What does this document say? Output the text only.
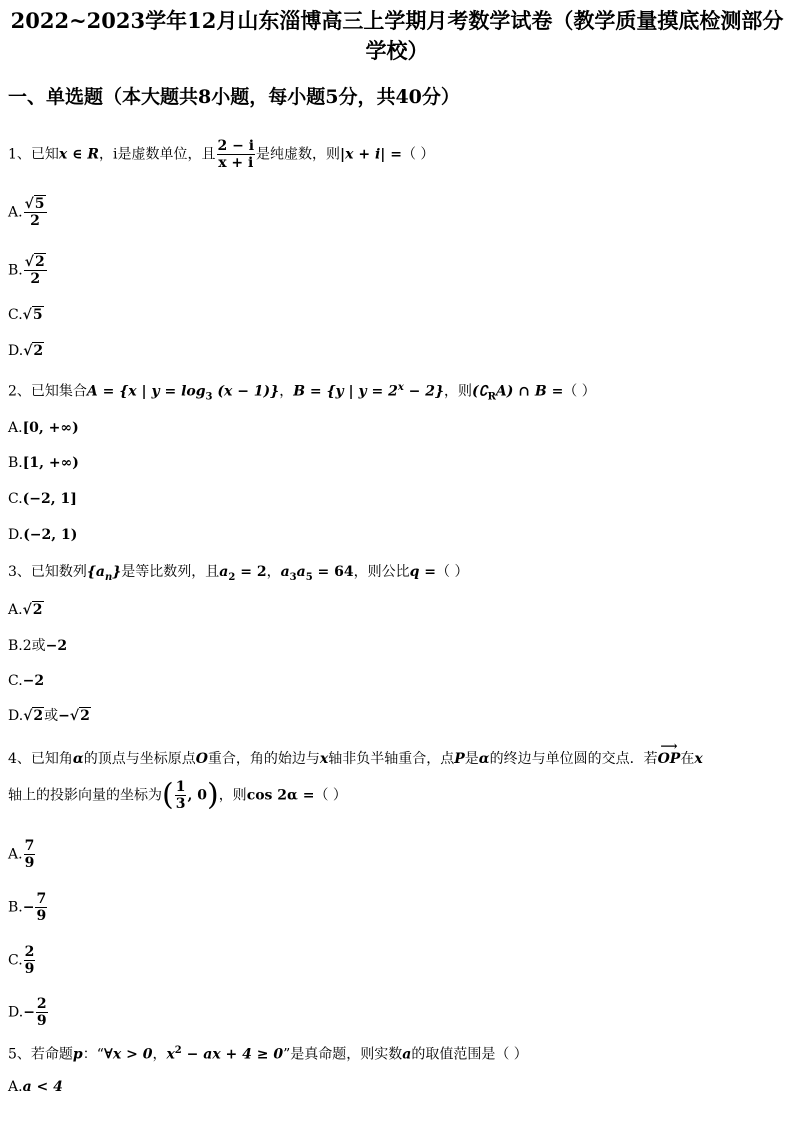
2022~2023学年12月山东淄博高三上学期月考数学试卷（教学质量摸底检测部分学校）
一、单选题（本大题共8小题，每小题5分，共40分）
1、已知x ∈ R，i是虚数单位，且 $\frac{2 - i}{x + i}$ 是纯虚数，则|x + i| =（ ）
A. $\frac{√5}{2}$
B. $\frac{√2}{2}$
C.√5
D.√2
2、已知集合A = {x | $y = \log_3 (x - 1)$}，B = {y | $y = 2^x - 2$}，则$(∁_RA)$ ∩ B =（ ）
A.[0, +∞)
B.[1, +∞)
C.(−2, 1]
D.(−2, 1)
3、已知数列$\{a_n\}$是等比数列，且$a_2 = 2$，$a_3a_5 = 64$，则公比q =（ ）
A.√2
B.2或−2
C.−2
D.√2或−√2
4、已知角α的顶点与坐标原点O重合，角的始边与x轴非负半轴重合，点P是α的终边与单位圆的交点．若
⟶
OP在x
轴上的投影向量的坐标为( $\frac{1}{3}$ , 0)，则cos 2α =（ ）
A. $\frac{7}{9}$
$B.- \frac{7}{9}$
C. $\frac{2}{9}$
$D.- \frac{2}{9}$
5、若命题p：“∀x > 0，$x^2$ − ax + 4 ≥ 0”是真命题，则实数a的取值范围是（ ）
A.a < 4
